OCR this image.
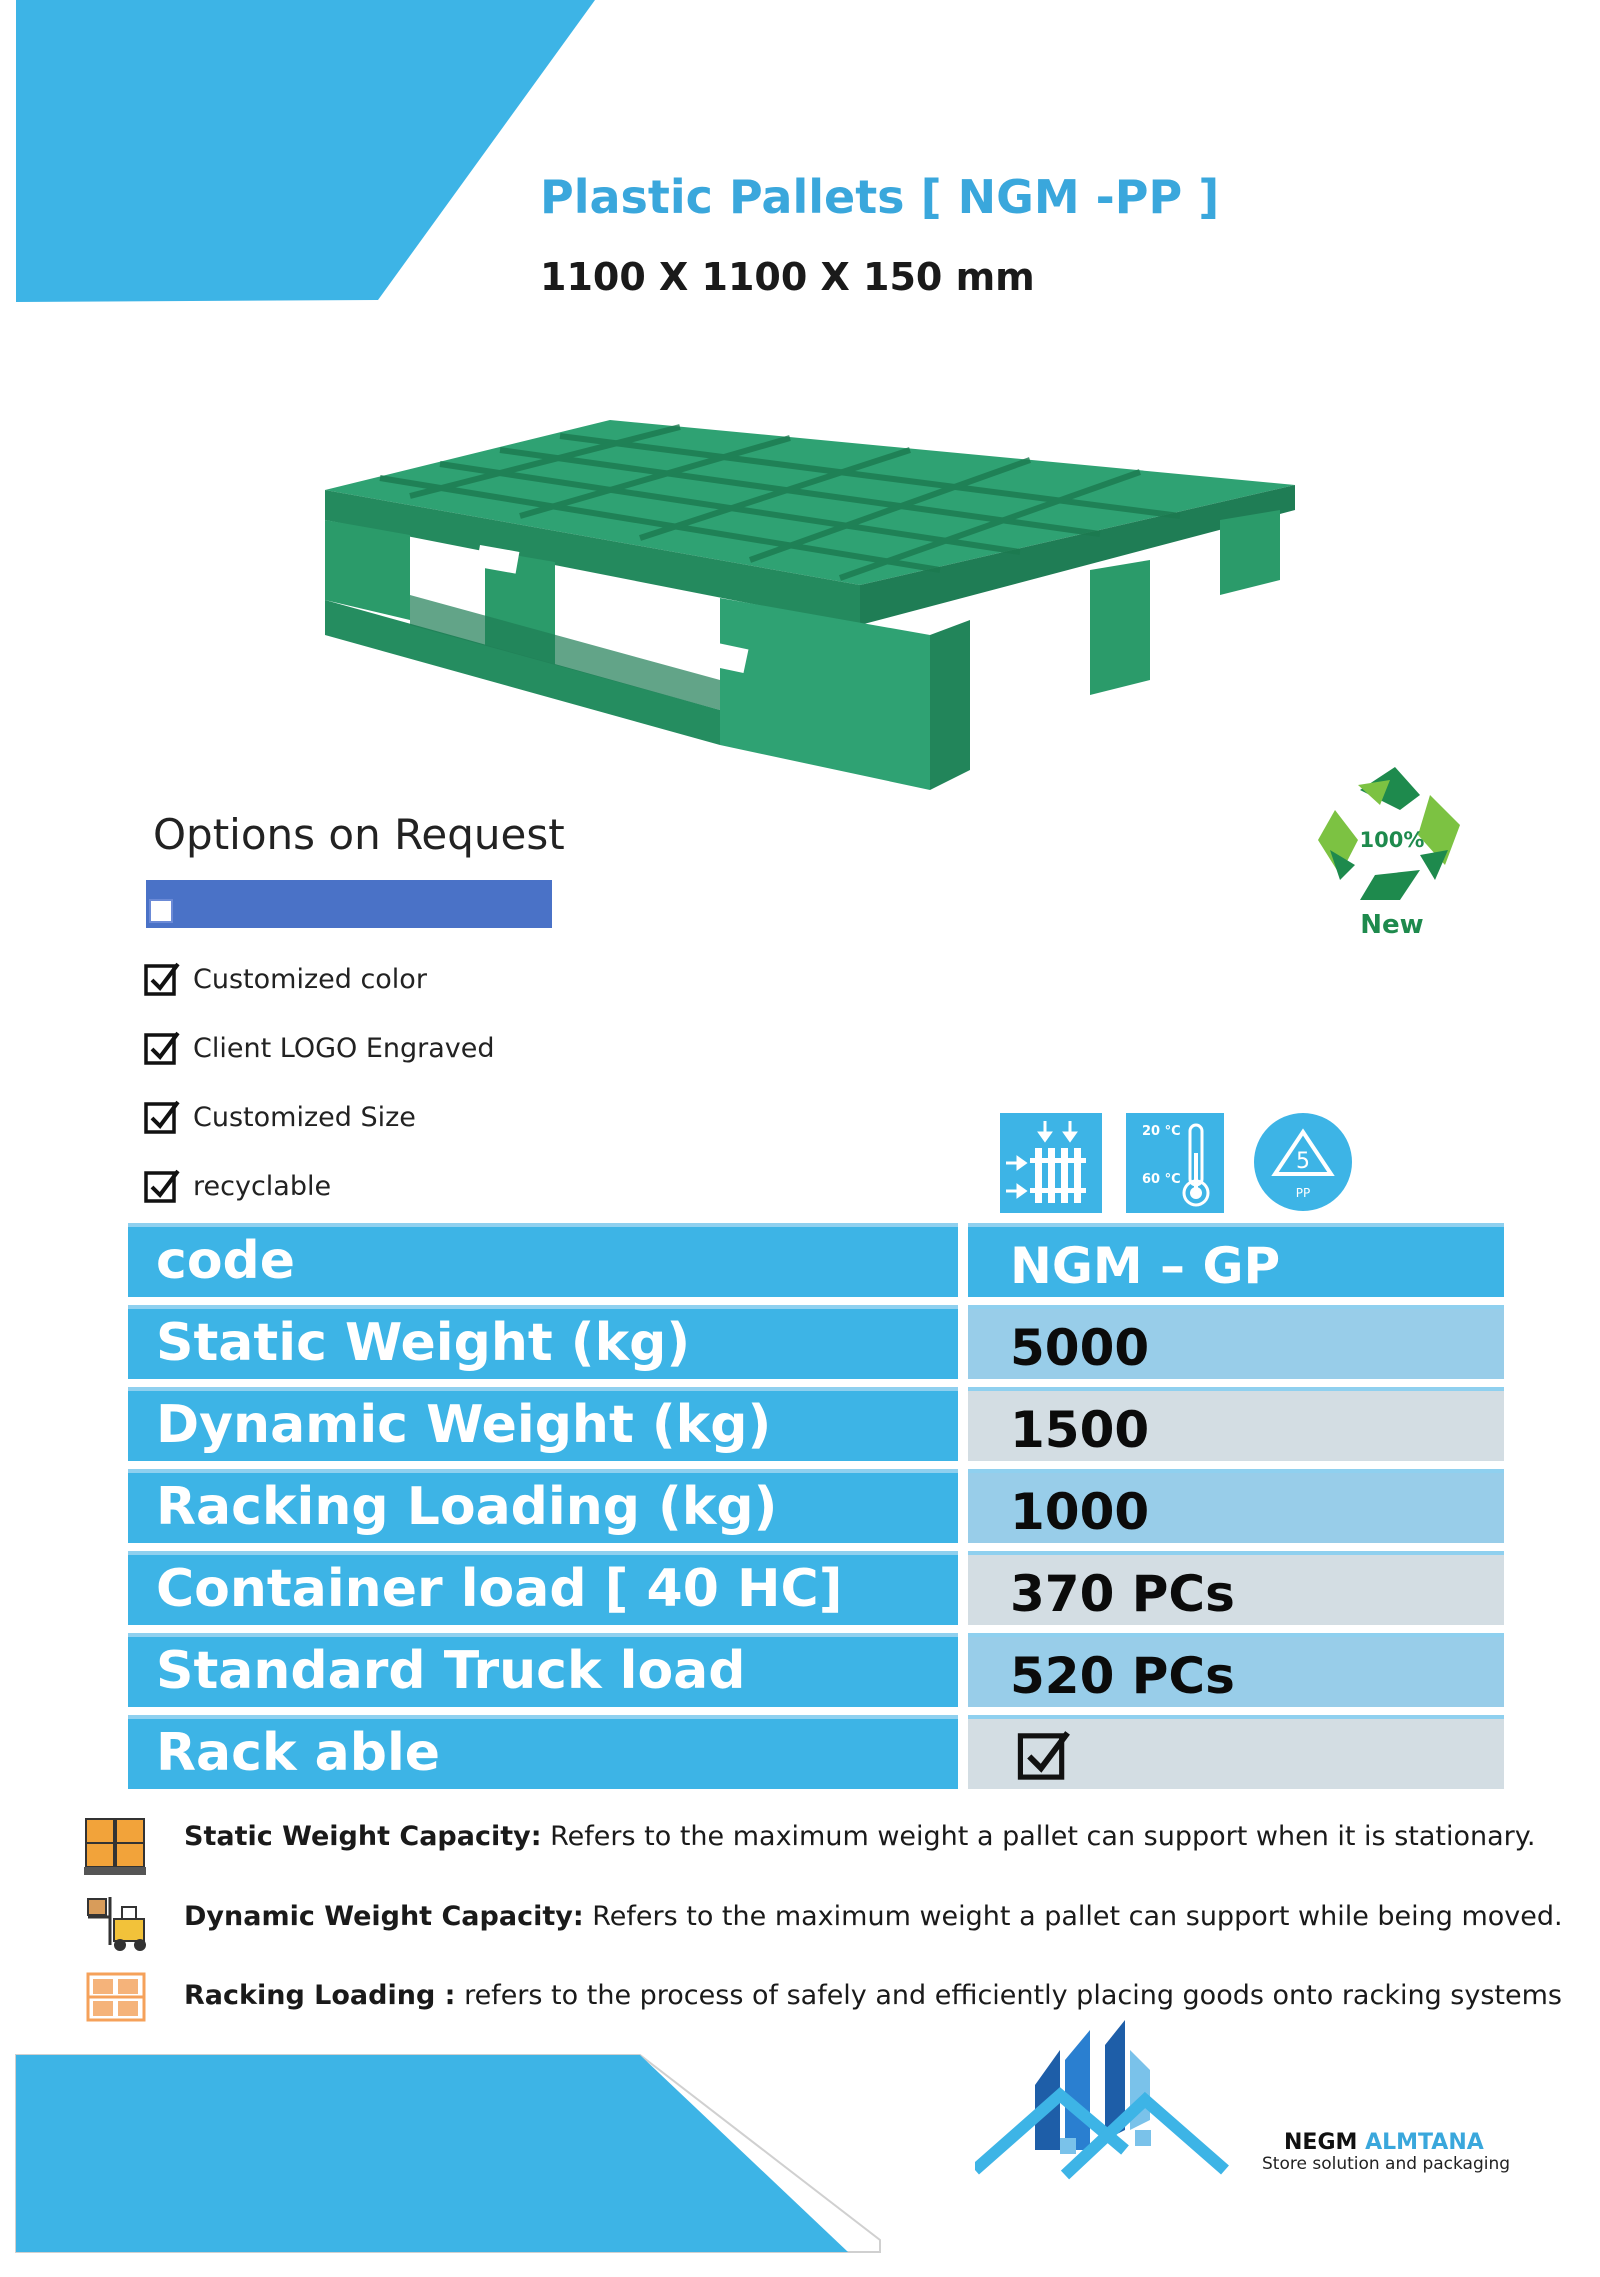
Plastic Pallets [ NGM -PP ]
1100 X 1100 X 150 mm
100%
New
Options on Request
Customized color
Client LOGO Engraved
Customized Size
recyclable
20 °C
60 °C
5
PP
code	NGM – GP
Static Weight (kg)	5000
Dynamic Weight (kg)	1500
Racking Loading (kg)	1000
Container load [ 40 HC]	370 PCs
Standard Truck load	520 PCs
Rack able
Static Weight Capacity: Refers to the maximum weight a pallet can support when it is stationary.
Dynamic Weight Capacity: Refers to the maximum weight a pallet can support while being moved.
Racking Loading : refers to the process of safely and efficiently placing goods onto racking systems
NEGM ALMTANA
Store solution and packaging
